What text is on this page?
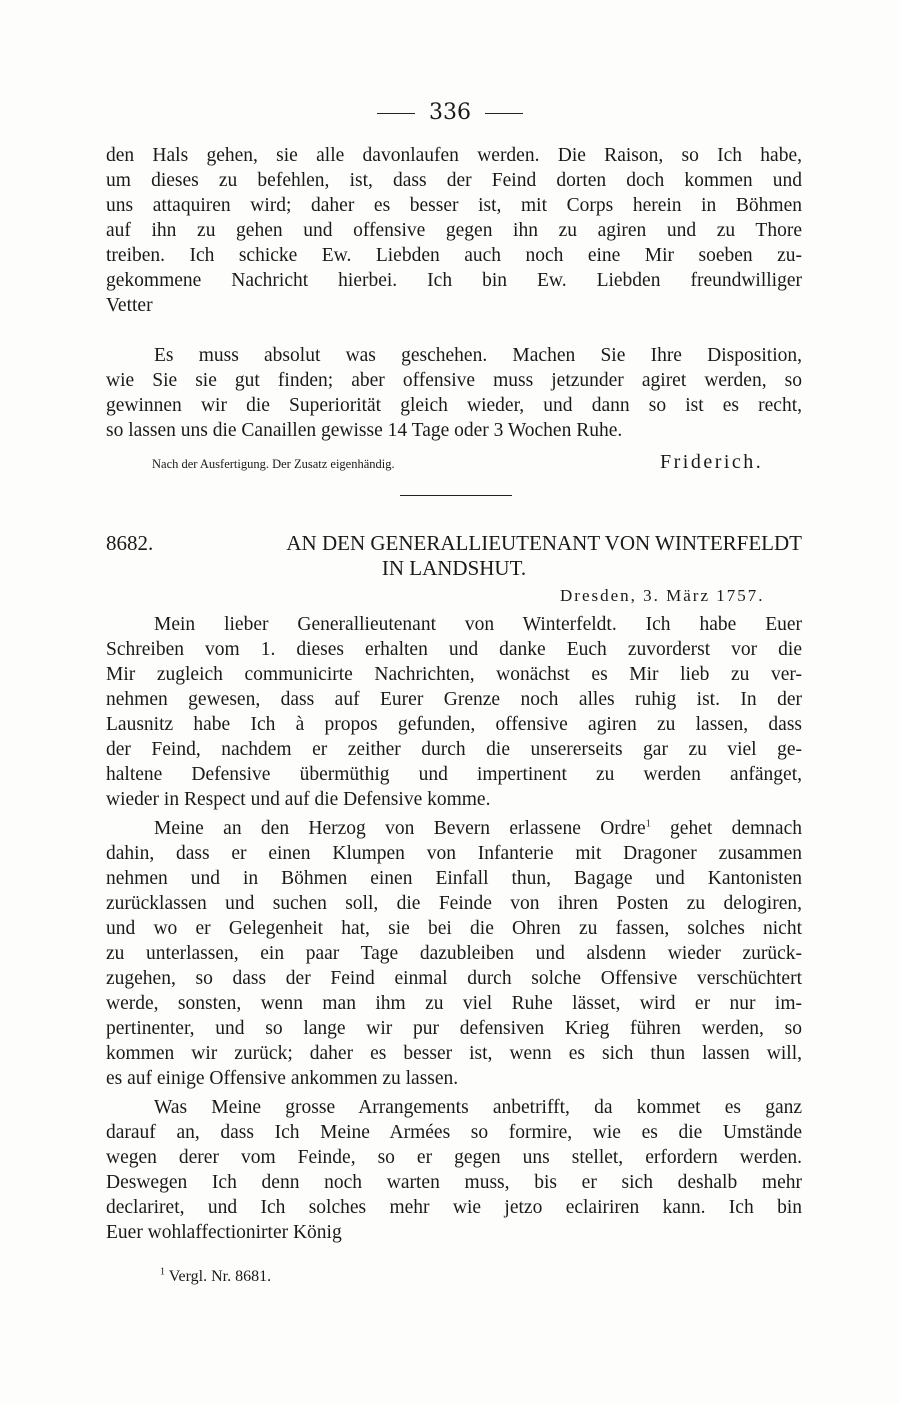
336
den Hals gehen, sie alle davonlaufen werden. Die Raison, so Ich habe,
um dieses zu befehlen, ist, dass der Feind dorten doch kommen und
uns attaquiren wird; daher es besser ist, mit Corps herein in Böhmen
auf ihn zu gehen und offensive gegen ihn zu agiren und zu Thore
treiben. Ich schicke Ew. Liebden auch noch eine Mir soeben zu-
gekommene Nachricht hierbei. Ich bin Ew. Liebden freundwilliger
Vetter
Es muss absolut was geschehen. Machen Sie Ihre Disposition,
wie Sie sie gut finden; aber offensive muss jetzunder agiret werden, so
gewinnen wir die Superiorität gleich wieder, und dann so ist es recht,
so lassen uns die Canaillen gewisse 14 Tage oder 3 Wochen Ruhe.
Nach der Ausfertigung. Der Zusatz eigenhändig.	Friderich.
8682.	AN DEN GENERALLIEUTENANT VON WINTERFELDT
IN LANDSHUT.
Dresden, 3. März 1757.
Mein lieber Generallieutenant von Winterfeldt. Ich habe Euer
Schreiben vom 1. dieses erhalten und danke Euch zuvorderst vor die
Mir zugleich communicirte Nachrichten, wonächst es Mir lieb zu ver-
nehmen gewesen, dass auf Eurer Grenze noch alles ruhig ist. In der
Lausnitz habe Ich à propos gefunden, offensive agiren zu lassen, dass
der Feind, nachdem er zeither durch die unsererseits gar zu viel ge-
haltene Defensive übermüthig und impertinent zu werden anfänget,
wieder in Respect und auf die Defensive komme.
Meine an den Herzog von Bevern erlassene Ordre$^1$ gehet demnach
dahin, dass er einen Klumpen von Infanterie mit Dragoner zusammen
nehmen und in Böhmen einen Einfall thun, Bagage und Kantonisten
zurücklassen und suchen soll, die Feinde von ihren Posten zu delogiren,
und wo er Gelegenheit hat, sie bei die Ohren zu fassen, solches nicht
zu unterlassen, ein paar Tage dazubleiben und alsdenn wieder zurück-
zugehen, so dass der Feind einmal durch solche Offensive verschüchtert
werde, sonsten, wenn man ihm zu viel Ruhe lässet, wird er nur im-
pertinenter, und so lange wir pur defensiven Krieg führen werden, so
kommen wir zurück; daher es besser ist, wenn es sich thun lassen will,
es auf einige Offensive ankommen zu lassen.
Was Meine grosse Arrangements anbetrifft, da kommet es ganz
darauf an, dass Ich Meine Armées so formire, wie es die Umstände
wegen derer vom Feinde, so er gegen uns stellet, erfordern werden.
Deswegen Ich denn noch warten muss, bis er sich deshalb mehr
declariret, und Ich solches mehr wie jetzo eclairiren kann. Ich bin
Euer wohlaffectionirter König
$^1$ Vergl. Nr. 8681.
